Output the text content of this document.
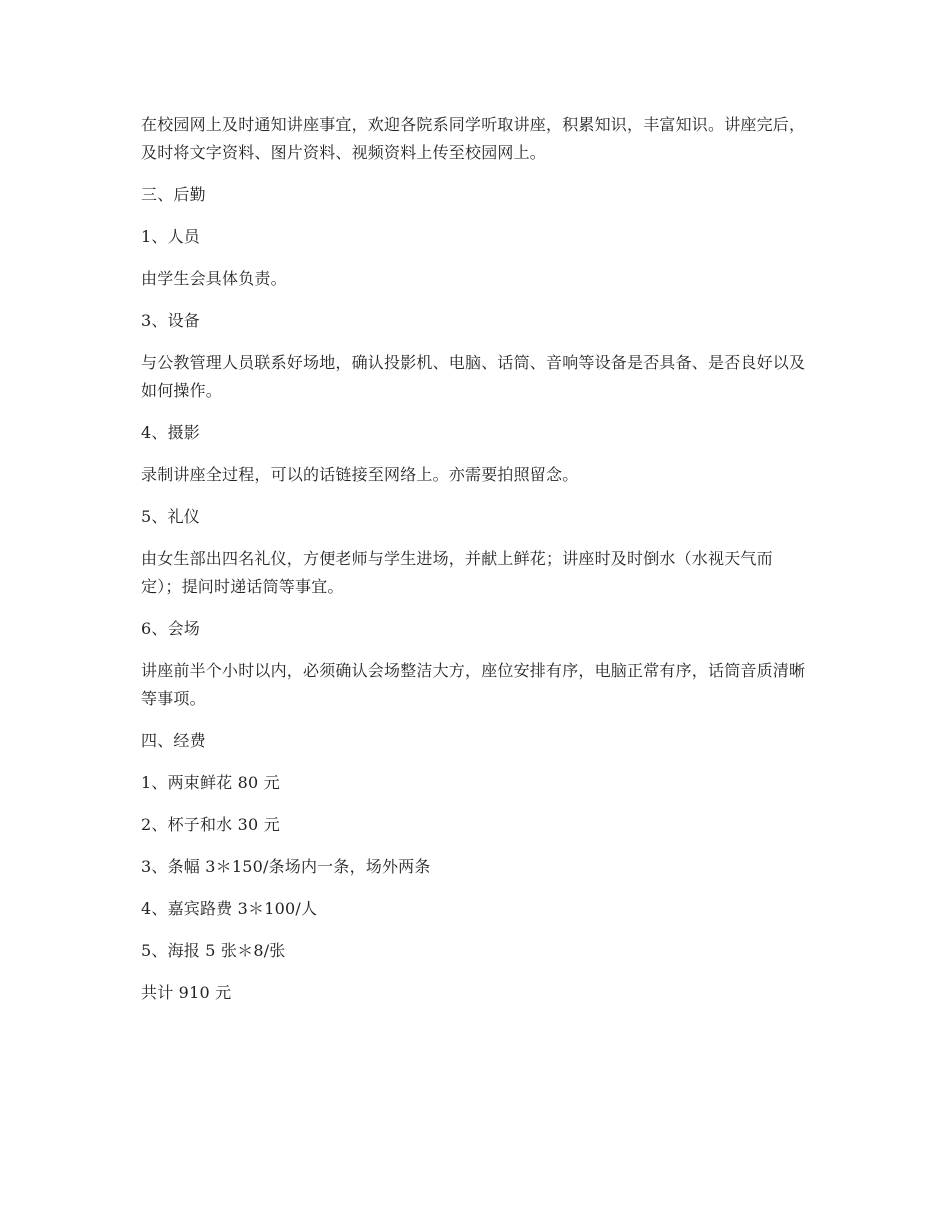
在校园网上及时通知讲座事宜，欢迎各院系同学听取讲座，积累知识，丰富知识。讲座完后，及时将文字资料、图片资料、视频资料上传至校园网上。

三、后勤

1、人员

由学生会具体负责。

3、设备

与公教管理人员联系好场地，确认投影机、电脑、话筒、音响等设备是否具备、是否良好以及如何操作。

4、摄影

录制讲座全过程，可以的话链接至网络上。亦需要拍照留念。

5、礼仪

由女生部出四名礼仪，方便老师与学生进场，并献上鲜花；讲座时及时倒水（水视天气而定）；提问时递话筒等事宜。

6、会场

讲座前半个小时以内，必须确认会场整洁大方，座位安排有序，电脑正常有序，话筒音质清晰等事项。

四、经费

1、两束鲜花 80 元

2、杯子和水 30 元

3、条幅 3＊150/条场内一条，场外两条

4、嘉宾路费 3＊100/人

5、海报 5 张＊8/张

共计 910 元
